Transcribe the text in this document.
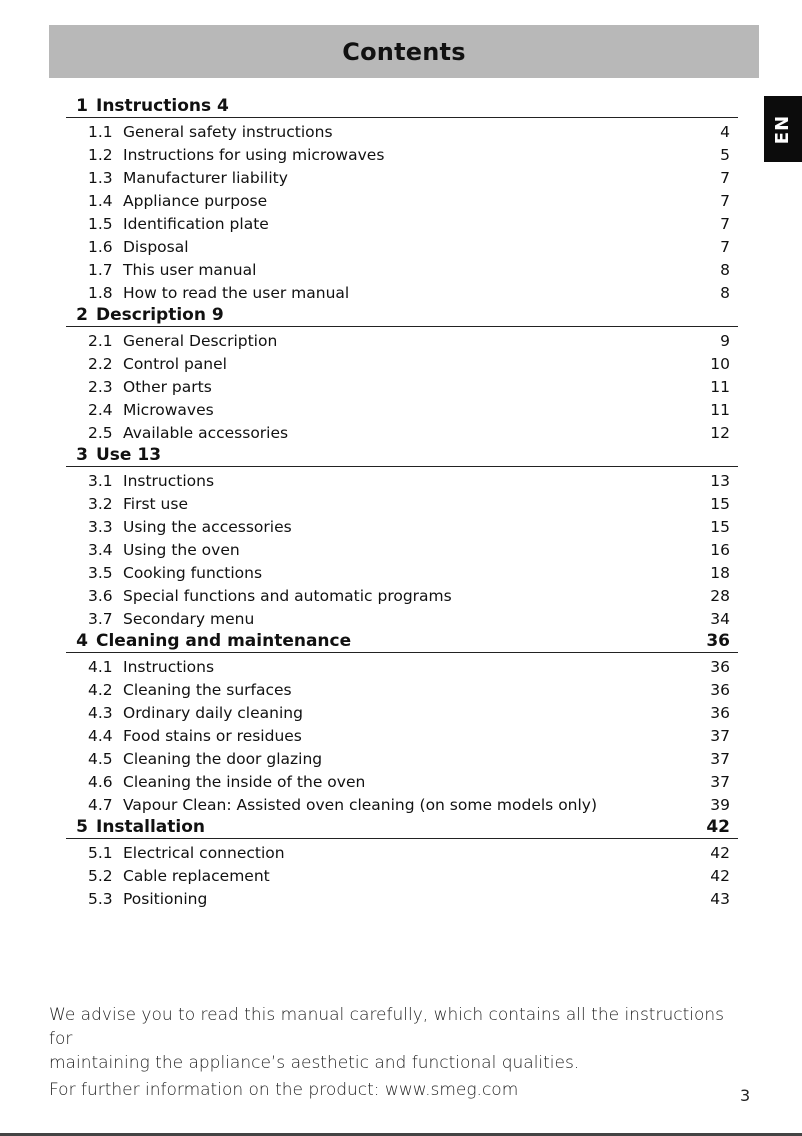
Contents
EN
1 Instructions 4
1.1 General safety instructions	4
1.2 Instructions for using microwaves	5
1.3 Manufacturer liability	7
1.4 Appliance purpose	7
1.5 Identification plate	7
1.6 Disposal	7
1.7 This user manual	8
1.8 How to read the user manual	8
2 Description 9
2.1 General Description	9
2.2 Control panel	10
2.3 Other parts	11
2.4 Microwaves	11
2.5 Available accessories	12
3 Use 13
3.1 Instructions	13
3.2 First use	15
3.3 Using the accessories	15
3.4 Using the oven	16
3.5 Cooking functions	18
3.6 Special functions and automatic programs	28
3.7 Secondary menu	34
4 Cleaning and maintenance	36
4.1 Instructions	36
4.2 Cleaning the surfaces	36
4.3 Ordinary daily cleaning	36
4.4 Food stains or residues	37
4.5 Cleaning the door glazing	37
4.6 Cleaning the inside of the oven	37
4.7 Vapour Clean: Assisted oven cleaning (on some models only)	39
5 Installation	42
5.1 Electrical connection	42
5.2 Cable replacement	42
5.3 Positioning	43

We advise you to read this manual carefully, which contains all the instructions for

maintaining the appliance’s aesthetic and functional qualities.

For further information on the product: www.smeg.com	3
